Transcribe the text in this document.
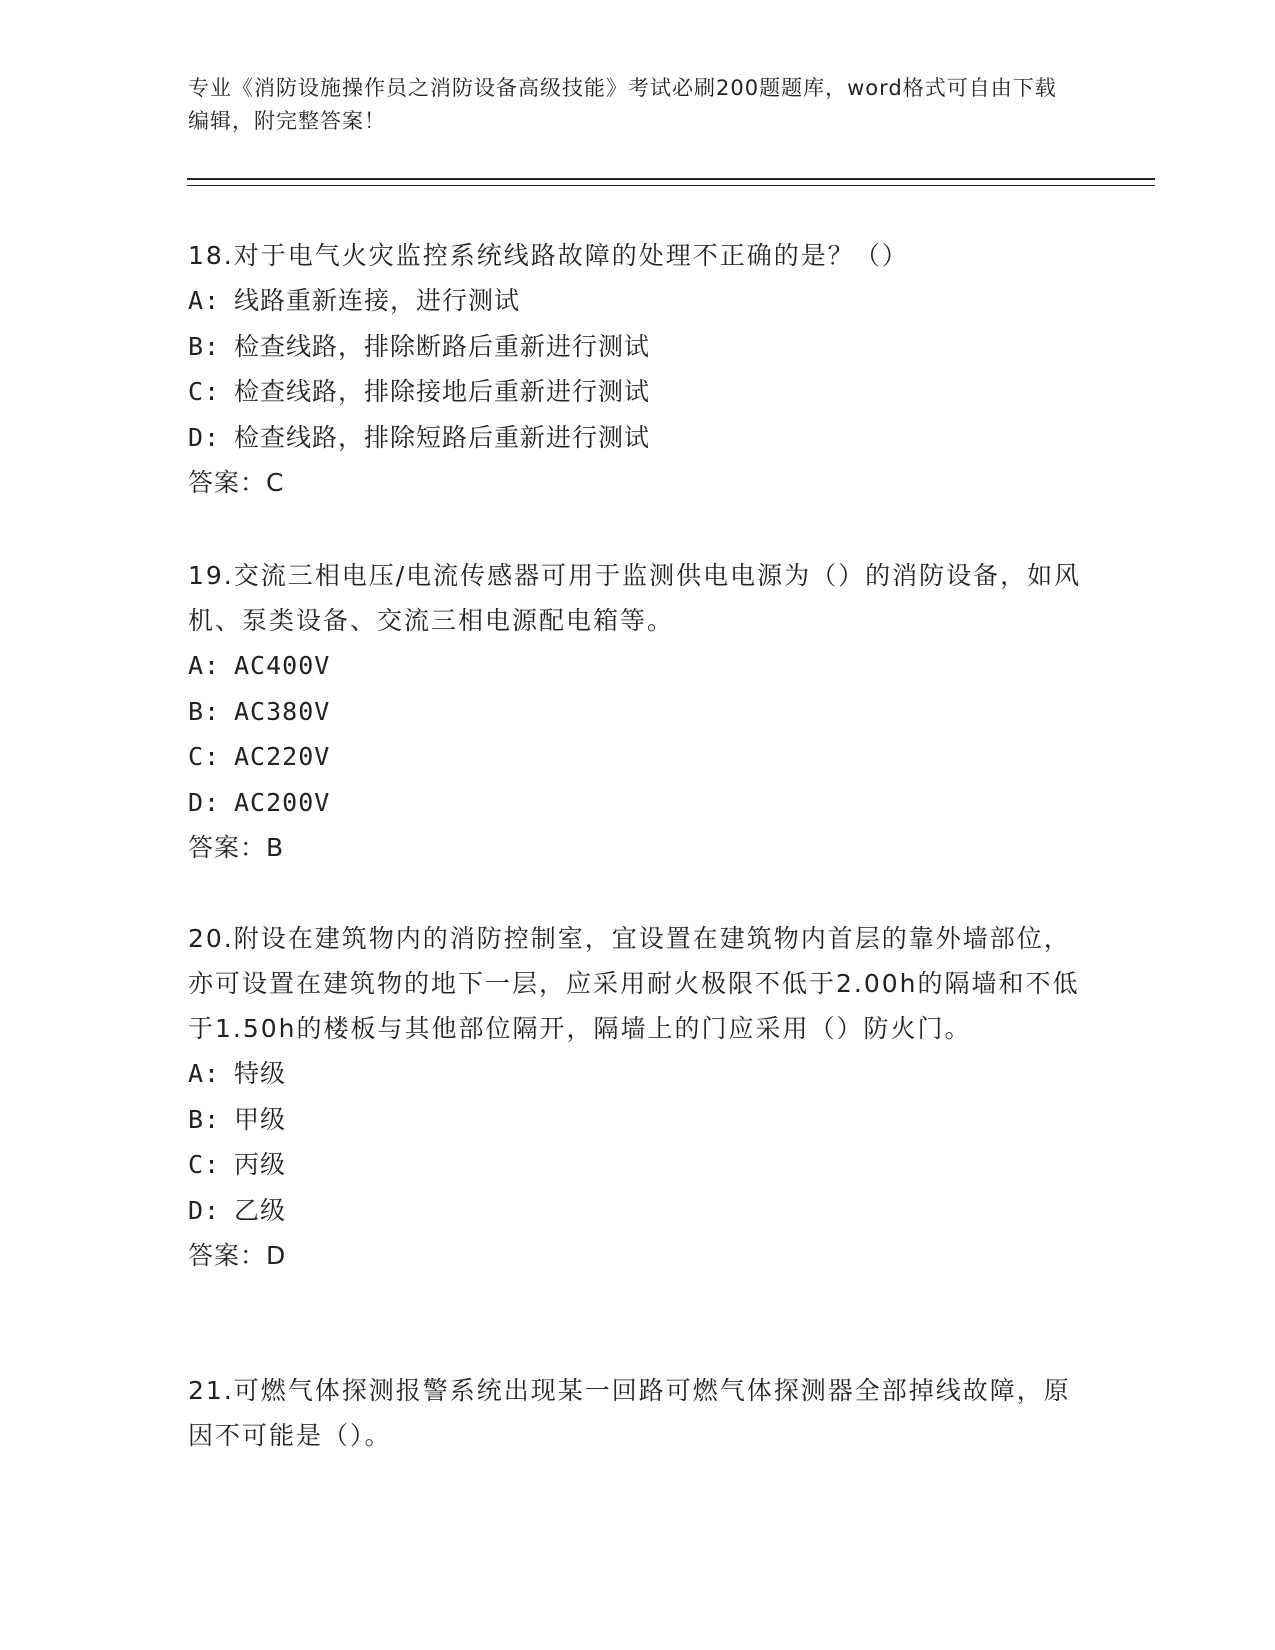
专业《消防设施操作员之消防设备高级技能》考试必刷200题题库，word格式可自由下载编辑，附完整答案！

18.对于电气火灾监控系统线路故障的处理不正确的是？（）

A: 线路重新连接，进行测试

B: 检查线路，排除断路后重新进行测试

C: 检查线路，排除接地后重新进行测试

D: 检查线路，排除短路后重新进行测试

答案：C

19.交流三相电压/电流传感器可用于监测供电电源为（）的消防设备，如风机、泵类设备、交流三相电源配电箱等。

A: AC400V

B: AC380V

C: AC220V

D: AC200V

答案：B

20.附设在建筑物内的消防控制室，宜设置在建筑物内首层的靠外墙部位，亦可设置在建筑物的地下一层，应采用耐火极限不低于2.00h的隔墙和不低于1.50h的楼板与其他部位隔开，隔墙上的门应采用（）防火门。

A: 特级

B: 甲级

C: 丙级

D: 乙级

答案：D

21.可燃气体探测报警系统出现某一回路可燃气体探测器全部掉线故障，原因不可能是（）。
